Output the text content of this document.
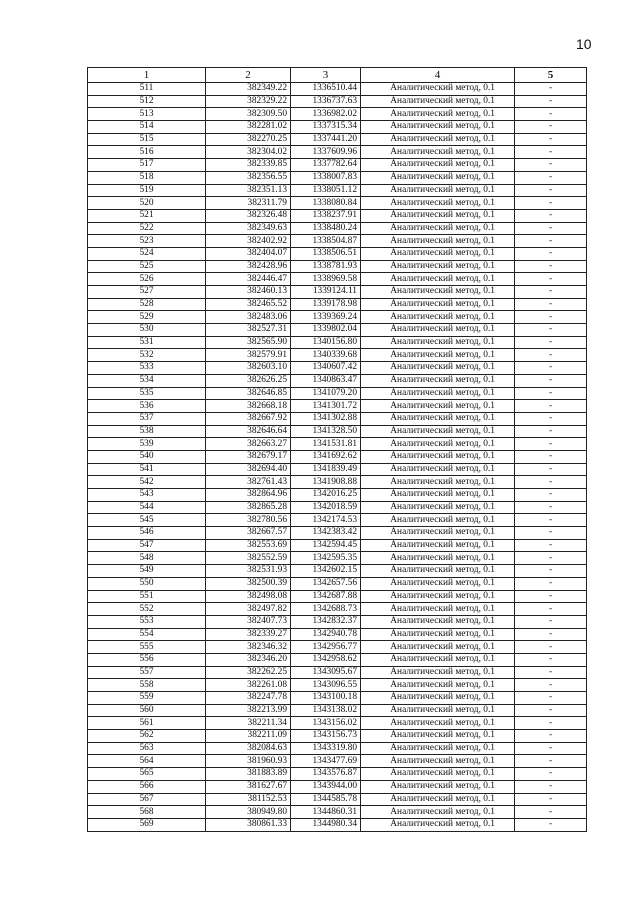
10
1	2	3	4	5
511	382349.22	1336510.44	Аналитический метод, 0.1	-
512	382329.22	1336737.63	Аналитический метод, 0.1	-
513	382309.50	1336982.02	Аналитический метод, 0.1	-
514	382281.02	1337315.34	Аналитический метод, 0.1	-
515	382270.25	1337441.20	Аналитический метод, 0.1	-
516	382304.02	1337609.96	Аналитический метод, 0.1	-
517	382339.85	1337782.64	Аналитический метод, 0.1	-
518	382356.55	1338007.83	Аналитический метод, 0.1	-
519	382351.13	1338051.12	Аналитический метод, 0.1	-
520	382311.79	1338080.84	Аналитический метод, 0.1	-
521	382326.48	1338237.91	Аналитический метод, 0.1	-
522	382349.63	1338480.24	Аналитический метод, 0.1	-
523	382402.92	1338504.87	Аналитический метод, 0.1	-
524	382404.07	1338506.51	Аналитический метод, 0.1	-
525	382428.96	1338781.93	Аналитический метод, 0.1	-
526	382446.47	1338969.58	Аналитический метод, 0.1	-
527	382460.13	1339124.11	Аналитический метод, 0.1	-
528	382465.52	1339178.98	Аналитический метод, 0.1	-
529	382483.06	1339369.24	Аналитический метод, 0.1	-
530	382527.31	1339802.04	Аналитический метод, 0.1	-
531	382565.90	1340156.80	Аналитический метод, 0.1	-
532	382579.91	1340339.68	Аналитический метод, 0.1	-
533	382603.10	1340607.42	Аналитический метод, 0.1	-
534	382626.25	1340863.47	Аналитический метод, 0.1	-
535	382646.85	1341079.20	Аналитический метод, 0.1	-
536	382668.18	1341301.72	Аналитический метод, 0.1	-
537	382667.92	1341302.88	Аналитический метод, 0.1	-
538	382646.64	1341328.50	Аналитический метод, 0.1	-
539	382663.27	1341531.81	Аналитический метод, 0.1	-
540	382679.17	1341692.62	Аналитический метод, 0.1	-
541	382694.40	1341839.49	Аналитический метод, 0.1	-
542	382761.43	1341908.88	Аналитический метод, 0.1	-
543	382864.96	1342016.25	Аналитический метод, 0.1	-
544	382865.28	1342018.59	Аналитический метод, 0.1	-
545	382780.56	1342174.53	Аналитический метод, 0.1	-
546	382667.57	1342383.42	Аналитический метод, 0.1	-
547	382553.69	1342594.45	Аналитический метод, 0.1	-
548	382552.59	1342595.35	Аналитический метод, 0.1	-
549	382531.93	1342602.15	Аналитический метод, 0.1	-
550	382500.39	1342657.56	Аналитический метод, 0.1	-
551	382498.08	1342687.88	Аналитический метод, 0.1	-
552	382497.82	1342688.73	Аналитический метод, 0.1	-
553	382407.73	1342832.37	Аналитический метод, 0.1	-
554	382339.27	1342940.78	Аналитический метод, 0.1	-
555	382346.32	1342956.77	Аналитический метод, 0.1	-
556	382346.20	1342958.62	Аналитический метод, 0.1	-
557	382262.25	1343095.67	Аналитический метод, 0.1	-
558	382261.08	1343096.55	Аналитический метод, 0.1	-
559	382247.78	1343100.18	Аналитический метод, 0.1	-
560	382213.99	1343138.02	Аналитический метод, 0.1	-
561	382211.34	1343156.02	Аналитический метод, 0.1	-
562	382211.09	1343156.73	Аналитический метод, 0.1	-
563	382084.63	1343319.80	Аналитический метод, 0.1	-
564	381960.93	1343477.69	Аналитический метод, 0.1	-
565	381883.89	1343576.87	Аналитический метод, 0.1	-
566	381627.67	1343944.00	Аналитический метод, 0.1	-
567	381152.53	1344585.78	Аналитический метод, 0.1	-
568	380949.80	1344860.31	Аналитический метод, 0.1	-
569	380861.33	1344980.34	Аналитический метод, 0.1	-
